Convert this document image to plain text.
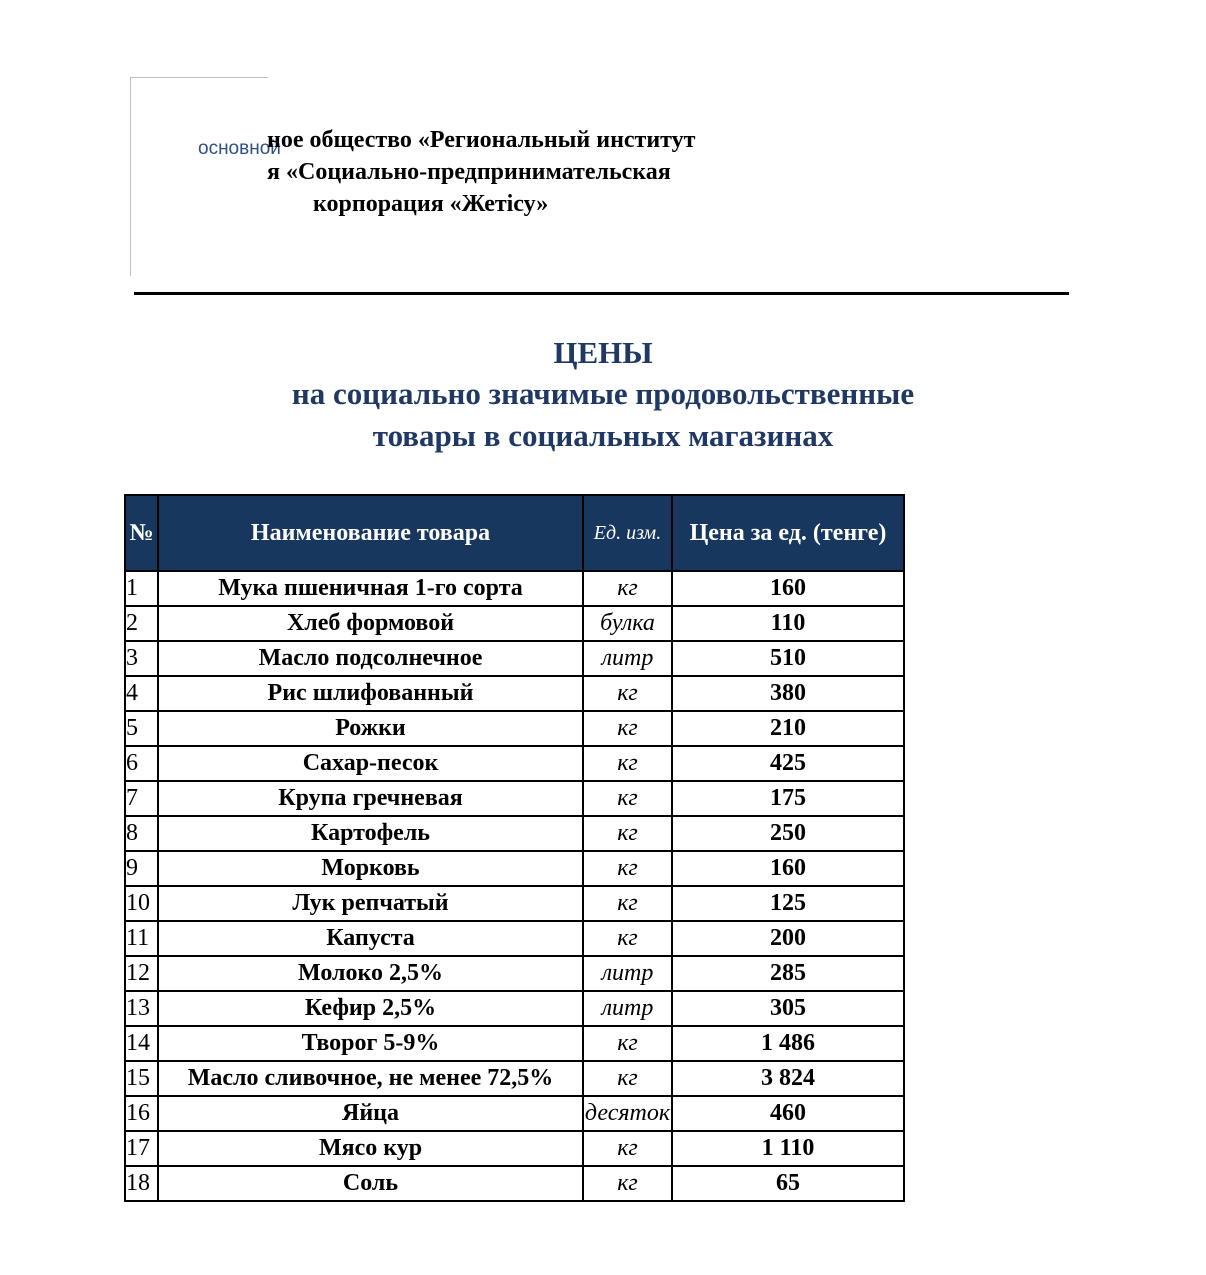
основной
ное общество «Региональный институт
я «Социально-предпринимательская
корпорация «Жетісу»
ЦЕНЫ
на социально значимые продовольственные
товары в социальных магазинах
№	Наименование товара	Ед. изм.	Цена за ед. (тенге)
1	Мука пшеничная 1-го сорта	кг	160
2	Хлеб формовой	булка	110
3	Масло подсолнечное	литр	510
4	Рис шлифованный	кг	380
5	Рожки	кг	210
6	Сахар-песок	кг	425
7	Крупа гречневая	кг	175
8	Картофель	кг	250
9	Морковь	кг	160
10	Лук репчатый	кг	125
11	Капуста	кг	200
12	Молоко 2,5%	литр	285
13	Кефир 2,5%	литр	305
14	Творог 5-9%	кг	1 486
15	Масло сливочное, не менее 72,5%	кг	3 824
16	Яйца	десяток	460
17	Мясо кур	кг	1 110
18	Соль	кг	65
